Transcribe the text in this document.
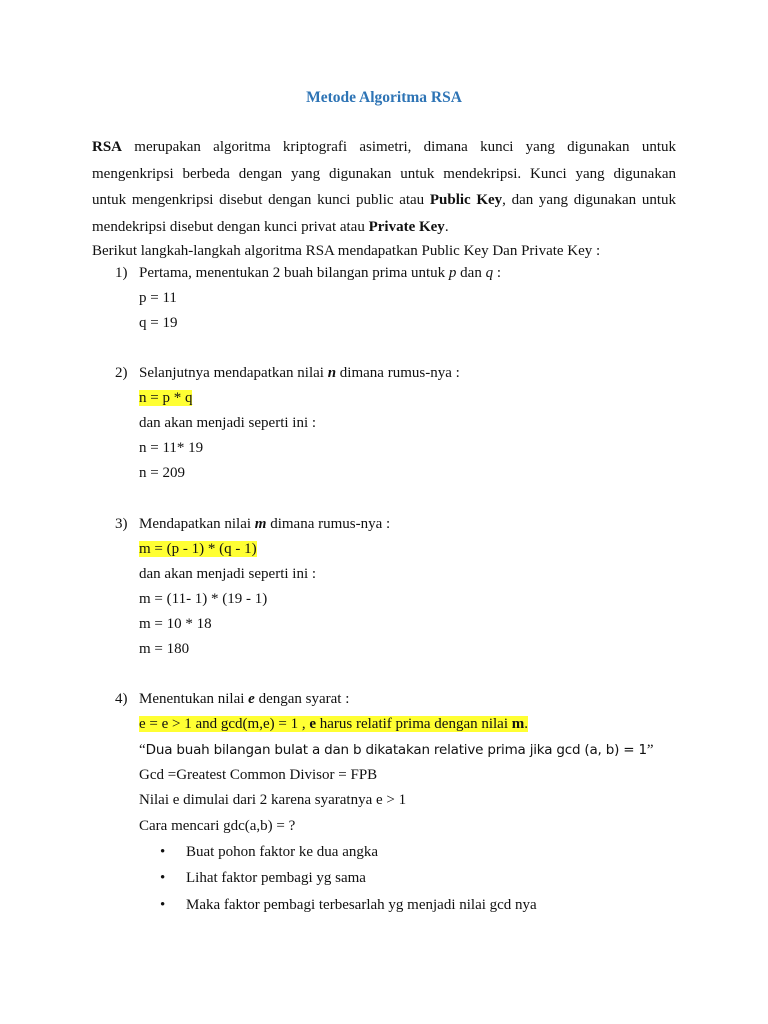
Metode Algoritma RSA
RSA merupakan algoritma kriptografi asimetri, dimana kunci yang digunakan untuk
mengenkripsi berbeda dengan yang digunakan untuk mendekripsi. Kunci yang digunakan
untuk mengenkripsi disebut dengan kunci public atau Public Key, dan yang digunakan untuk
mendekripsi disebut dengan kunci privat atau Private Key.
Berikut langkah-langkah algoritma RSA mendapatkan Public Key Dan Private Key :
1) Pertama, menentukan 2 buah bilangan prima untuk p dan q :
p = 11
q = 19
2) Selanjutnya mendapatkan nilai n dimana rumus-nya :
n = p * q
dan akan menjadi seperti ini :
n = 11* 19
n = 209
3) Mendapatkan nilai m dimana rumus-nya :
m = (p - 1) * (q - 1)
dan akan menjadi seperti ini :
m = (11- 1) * (19 - 1)
m = 10 * 18
m = 180
4) Menentukan nilai e dengan syarat :
e = e > 1 and gcd(m,e) = 1 , e harus relatif prima dengan nilai m.
“Dua buah bilangan bulat a dan b dikatakan relative prima jika gcd (a, b) = 1”
Gcd =Greatest Common Divisor = FPB
Nilai e dimulai dari 2 karena syaratnya e > 1
Cara mencari gdc(a,b) = ?
• Buat pohon faktor ke dua angka
• Lihat faktor pembagi yg sama
• Maka faktor pembagi terbesarlah yg menjadi nilai gcd nya
